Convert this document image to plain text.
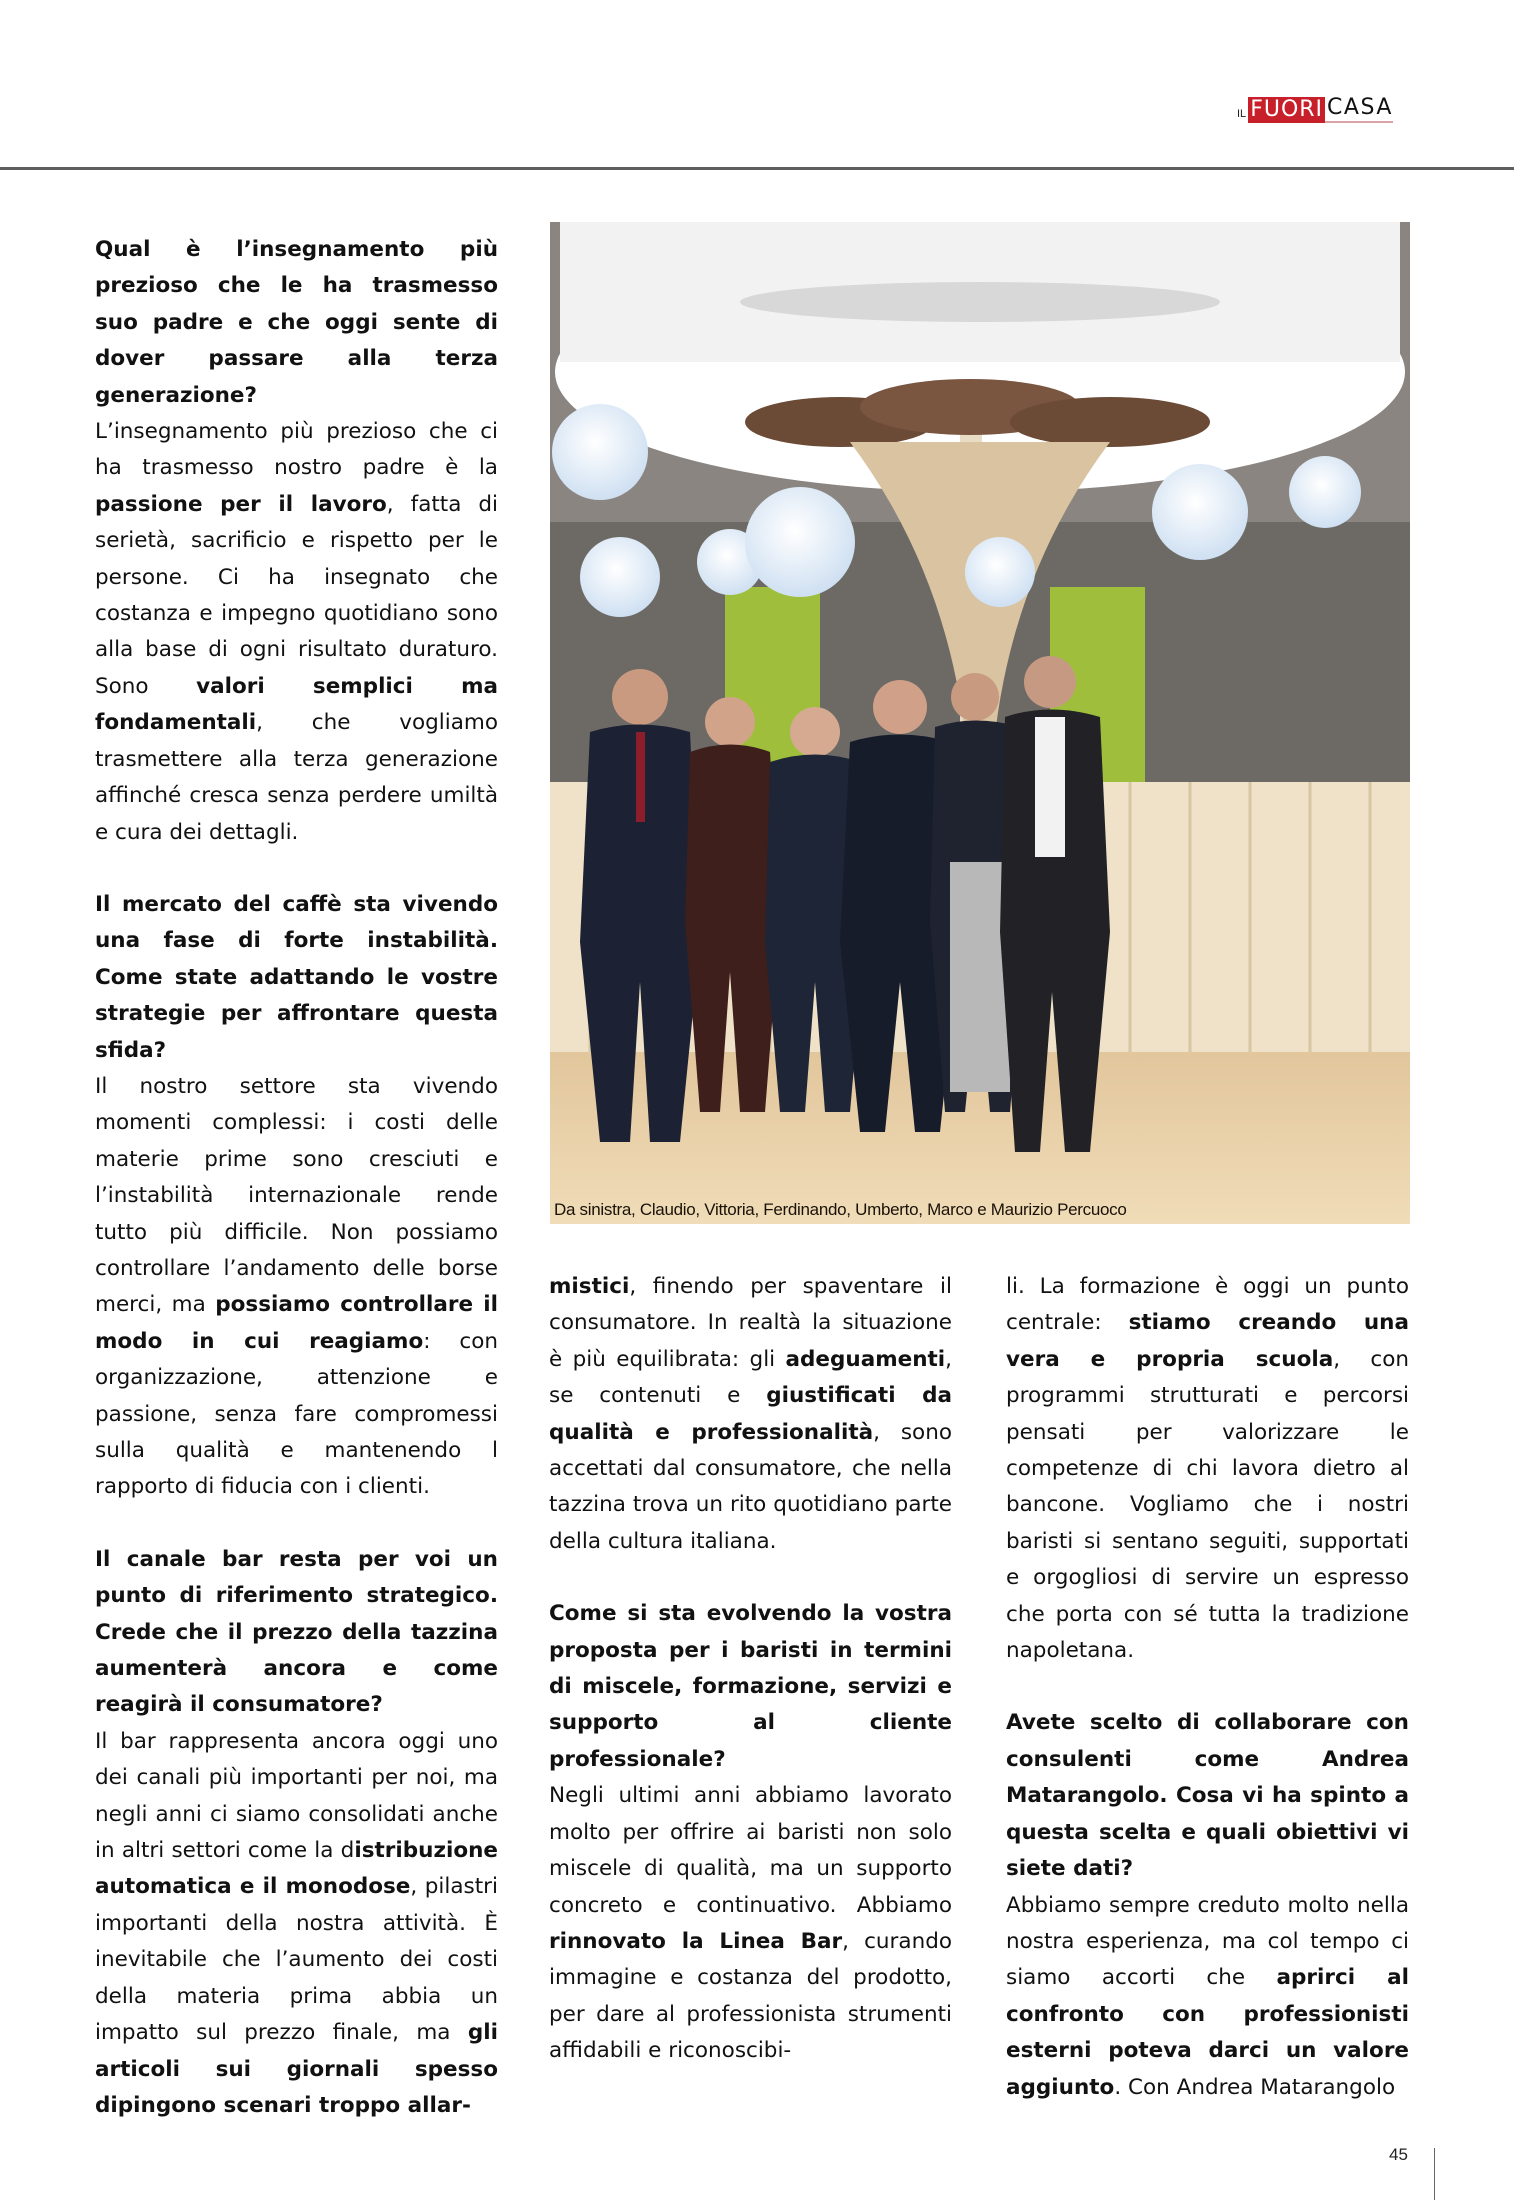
IL FUORI CASA

Qual è l’insegnamento più prezioso che le ha trasmesso suo padre e che oggi sente di dover passare alla terza generazione?

L’insegnamento più prezioso che ci ha trasmesso nostro padre è la passione per il lavoro, fatta di serietà, sacrificio e rispetto per le persone. Ci ha insegnato che costanza e impegno quotidiano sono alla base di ogni risultato duraturo. Sono valori semplici ma fondamentali, che vogliamo trasmettere alla terza generazione affinché cresca senza perdere umiltà e cura dei dettagli.

Il mercato del caffè sta vivendo una fase di forte instabilità. Come state adattando le vostre strategie per affrontare questa sfida?

Il nostro settore sta vivendo momenti complessi: i costi delle materie prime sono cresciuti e l’instabilità internazionale rende tutto più difficile. Non possiamo controllare l’andamento delle borse merci, ma possiamo controllare il modo in cui reagiamo: con organizzazione, attenzione e passione, senza fare compromessi sulla qualità e mantenendo l rapporto di fiducia con i clienti.

Il canale bar resta per voi un punto di riferimento strategico. Crede che il prezzo della tazzina aumenterà ancora e come reagirà il consumatore?

Il bar rappresenta ancora oggi uno dei canali più importanti per noi, ma negli anni ci siamo consolidati anche in altri settori come la distribuzione automatica e il monodose, pilastri importanti della nostra attività. È inevitabile che l’aumento dei costi della materia prima abbia un impatto sul prezzo finale, ma gli articoli sui giornali spesso dipingono scenari troppo allar-

Da sinistra, Claudio, Vittoria, Ferdinando, Umberto, Marco e Maurizio Percuoco

mistici, finendo per spaventare il consumatore. In realtà la situazione è più equilibrata: gli adeguamenti, se contenuti e giustificati da qualità e professionalità, sono accettati dal consumatore, che nella tazzina trova un rito quotidiano parte della cultura italiana.

Come si sta evolvendo la vostra proposta per i baristi in termini di miscele, formazione, servizi e supporto al cliente professionale?

Negli ultimi anni abbiamo lavorato molto per offrire ai baristi non solo miscele di qualità, ma un supporto concreto e continuativo. Abbiamo rinnovato la Linea Bar, curando immagine e costanza del prodotto, per dare al professionista strumenti affidabili e riconoscibi-

li. La formazione è oggi un punto centrale: stiamo creando una vera e propria scuola, con programmi strutturati e percorsi pensati per valorizzare le competenze di chi lavora dietro al bancone. Vogliamo che i nostri baristi si sentano seguiti, supportati e orgogliosi di servire un espresso che porta con sé tutta la tradizione napoletana.

Avete scelto di collaborare con consulenti come Andrea Matarangolo. Cosa vi ha spinto a questa scelta e quali obiettivi vi siete dati?

Abbiamo sempre creduto molto nella nostra esperienza, ma col tempo ci siamo accorti che aprirci al confronto con professionisti esterni poteva darci un valore aggiunto. Con Andrea Matarangolo

45
